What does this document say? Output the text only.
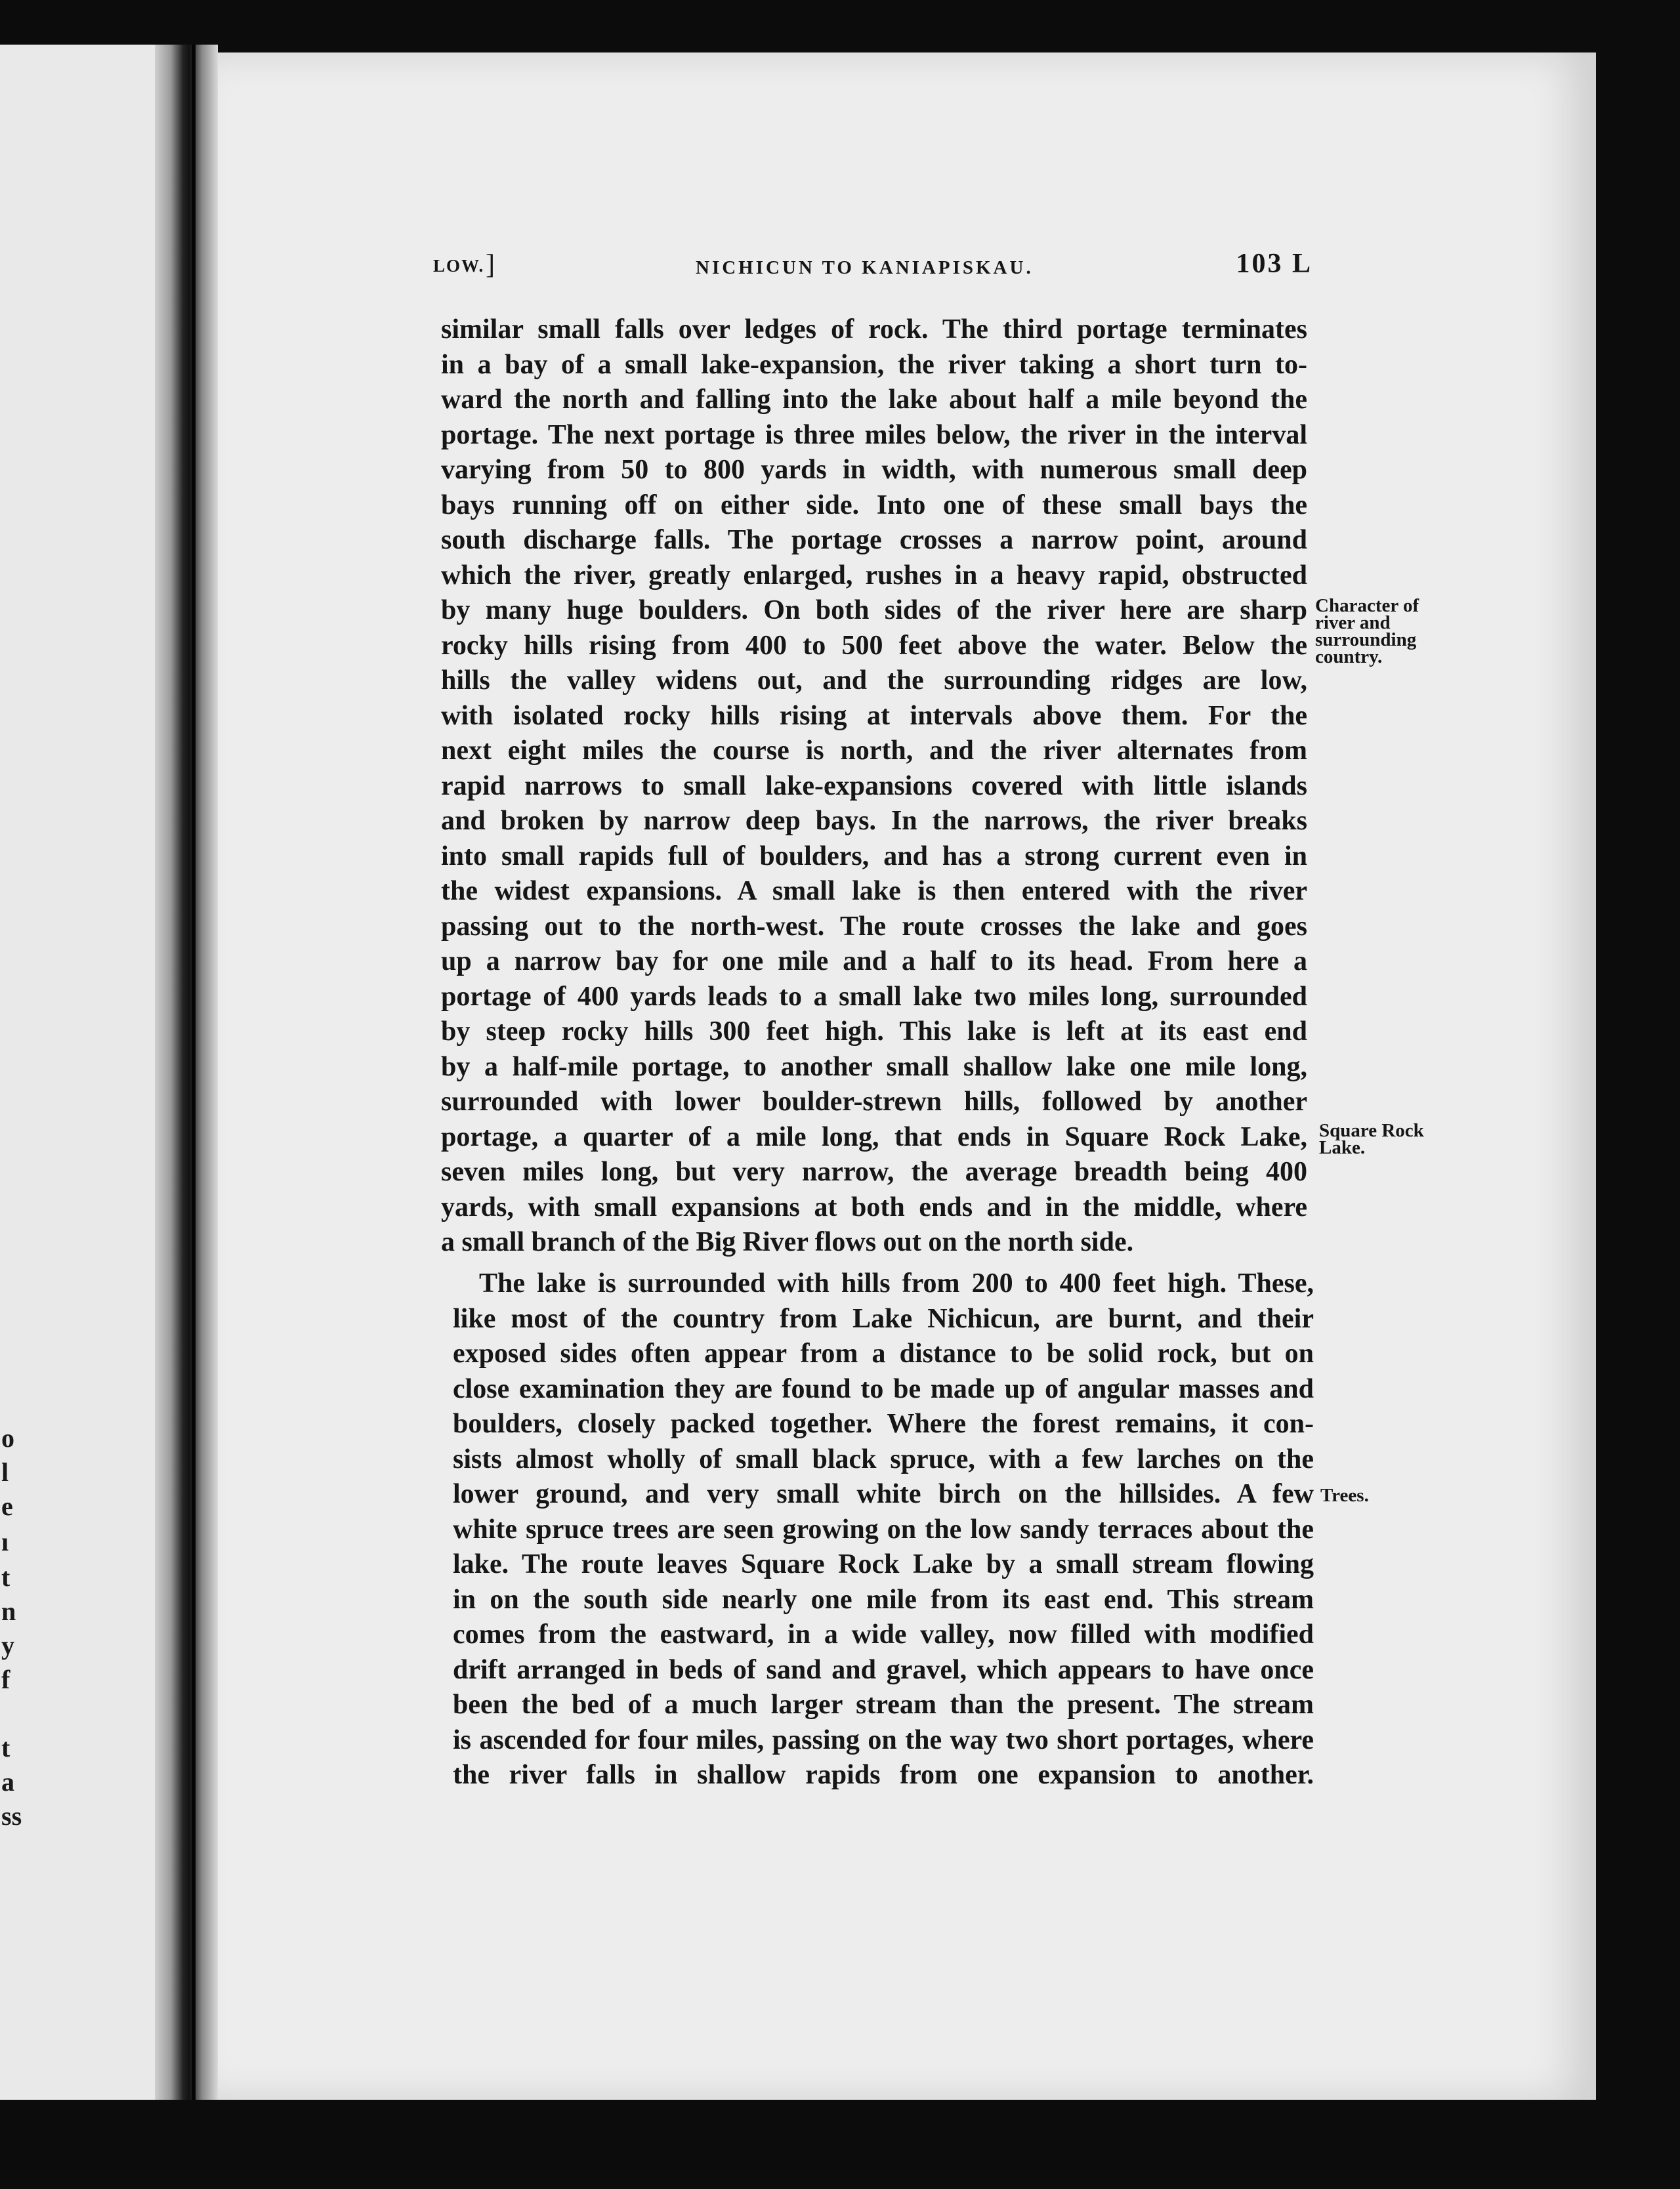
o
l
e
ı
t
n
y
f
t
a
ss
LOW. ]	NICHICUN TO KANIAPISKAU.	103 L
similar small falls over ledges of rock. The third portage terminates
in a bay of a small lake-expansion, the river taking a short turn to-
ward the north and falling into the lake about half a mile beyond the
portage. The next portage is three miles below, the river in the interval
varying from 50 to 800 yards in width, with numerous small deep
bays running off on either side. Into one of these small bays the
south discharge falls. The portage crosses a narrow point, around
which the river, greatly enlarged, rushes in a heavy rapid, obstructed
by many huge boulders. On both sides of the river here are sharp
rocky hills rising from 400 to 500 feet above the water. Below the
hills the valley widens out, and the surrounding ridges are low,
with isolated rocky hills rising at intervals above them. For the
next eight miles the course is north, and the river alternates from
rapid narrows to small lake-expansions covered with little islands
and broken by narrow deep bays. In the narrows, the river breaks
into small rapids full of boulders, and has a strong current even in
the widest expansions. A small lake is then entered with the river
passing out to the north-west. The route crosses the lake and goes
up a narrow bay for one mile and a half to its head. From here a
portage of 400 yards leads to a small lake two miles long, surrounded
by steep rocky hills 300 feet high. This lake is left at its east end
by a half-mile portage, to another small shallow lake one mile long,
surrounded with lower boulder-strewn hills, followed by another
portage, a quarter of a mile long, that ends in Square Rock Lake,
seven miles long, but very narrow, the average breadth being 400
yards, with small expansions at both ends and in the middle, where
a small branch of the Big River flows out on the north side.
The lake is surrounded with hills from 200 to 400 feet high. These,
like most of the country from Lake Nichicun, are burnt, and their
exposed sides often appear from a distance to be solid rock, but on
close examination they are found to be made up of angular masses and
boulders, closely packed together. Where the forest remains, it con-
sists almost wholly of small black spruce, with a few larches on the
lower ground, and very small white birch on the hillsides. A few
white spruce trees are seen growing on the low sandy terraces about the
lake. The route leaves Square Rock Lake by a small stream flowing
in on the south side nearly one mile from its east end. This stream
comes from the eastward, in a wide valley, now filled with modified
drift arranged in beds of sand and gravel, which appears to have once
been the bed of a much larger stream than the present. The stream
is ascended for four miles, passing on the way two short portages, where
the river falls in shallow rapids from one expansion to another.
Character of
river and
surrounding
country.
Square Rock
Lake.
Trees.
